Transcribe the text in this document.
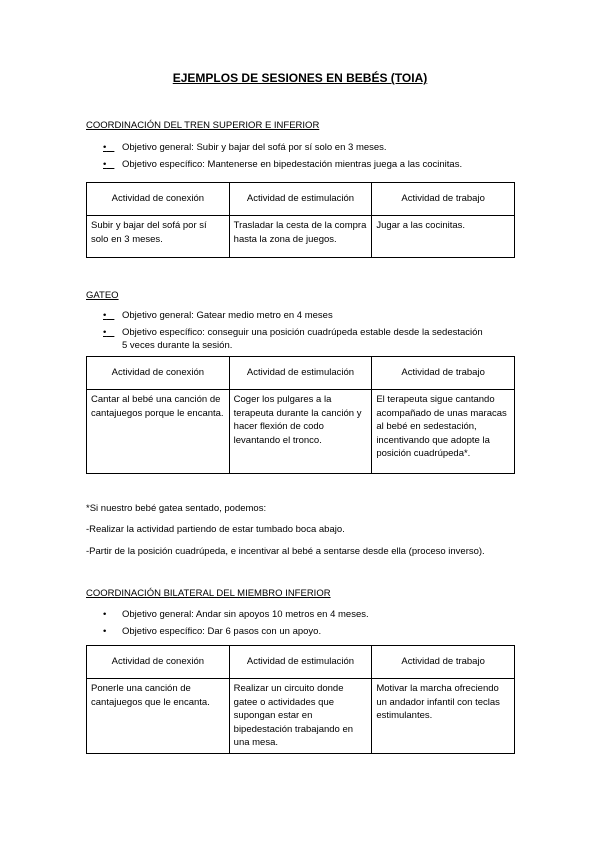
EJEMPLOS DE SESIONES EN BEBÉS (TOIA)
COORDINACIÓN DEL TREN SUPERIOR E INFERIOR
•	Objetivo general: Subir y bajar del sofá por sí solo en 3 meses.
•	Objetivo específico: Mantenerse en bipedestación mientras juega a las cocinitas.
Actividad de conexión	Actividad de estimulación	Actividad de trabajo
Subir y bajar del sofá por sí solo en 3 meses.	Trasladar la cesta de la compra hasta la zona de juegos.	Jugar a las cocinitas.
GATEO
•	Objetivo general: Gatear medio metro en 4 meses
•	Objetivo específico: conseguir una posición cuadrúpeda estable desde la sedestación
5 veces durante la sesión.
Actividad de conexión	Actividad de estimulación	Actividad de trabajo
Cantar al bebé una canción de cantajuegos porque le encanta.	Coger los pulgares a la terapeuta durante la canción y hacer flexión de codo levantando el tronco.	El terapeuta sigue cantando acompañado de unas maracas al bebé en sedestación, incentivando que adopte la posición cuadrúpeda*.
*Si nuestro bebé gatea sentado, podemos:
-Realizar la actividad partiendo de estar tumbado boca abajo.
-Partir de la posición cuadrúpeda, e incentivar al bebé a sentarse desde ella (proceso inverso).
COORDINACIÓN BILATERAL DEL MIEMBRO INFERIOR
• Objetivo general: Andar sin apoyos 10 metros en 4 meses.
• Objetivo específico: Dar 6 pasos con un apoyo.
Actividad de conexión	Actividad de estimulación	Actividad de trabajo
Ponerle una canción de cantajuegos que le encanta.	Realizar un circuito donde gatee o actividades que supongan estar en bipedestación trabajando en una mesa.	Motivar la marcha ofreciendo un andador infantil con teclas estimulantes.
